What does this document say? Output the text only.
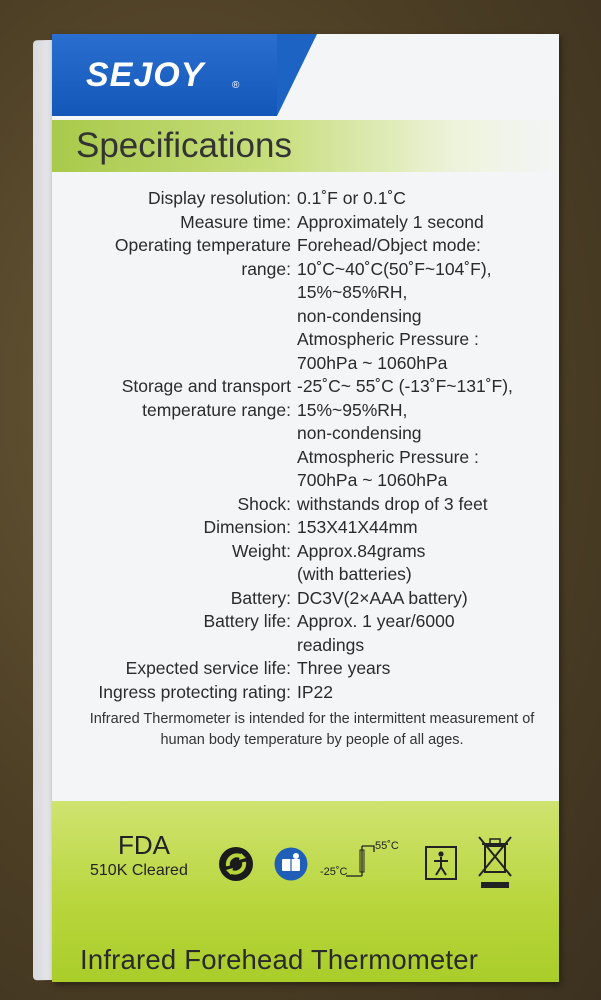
SEJOY	®
Specifications
Display resolution: 0.1˚F or 0.1˚C
Measure time: Approximately 1 second
Operating temperature
range:
Forehead/Object mode:
10˚C~40˚C(50˚F~104˚F),
15%~85%RH,
non-condensing
Atmospheric Pressure :
700hPa ~ 1060hPa
Storage and transport
temperature range:
-25˚C~ 55˚C (-13˚F~131˚F),
15%~95%RH,
non-condensing
Atmospheric Pressure :
700hPa ~ 1060hPa
Shock: withstands drop of 3 feet
Dimension: 153X41X44mm
Weight: Approx.84grams
(with batteries)
Battery: DC3V(2×AAA battery)
Battery life: Approx. 1 year/6000
readings
Expected service life: Three years
Ingress protecting rating: IP22
Infrared Thermometer is intended for the intermittent measurement of human body temperature by people of all ages.
FDA
510K Cleared
55˚C
-25˚C
Infrared Forehead Thermometer
